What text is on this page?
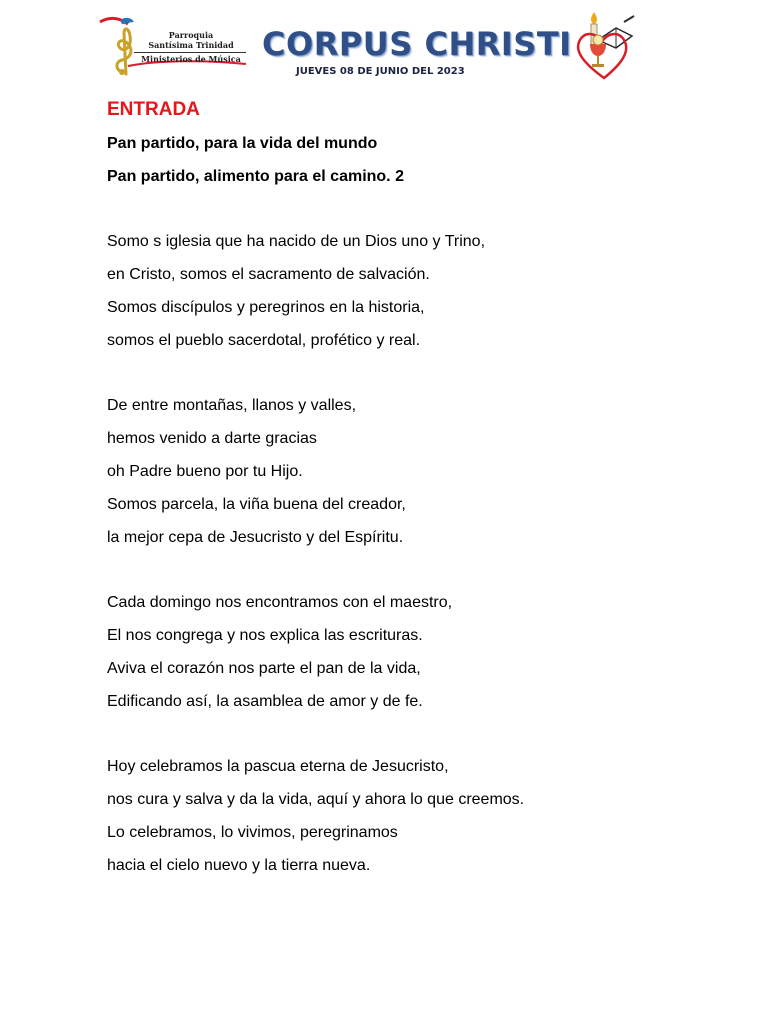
Parroquia
Santísima Trinidad
Ministerios de Música CORPUS CHRISTI
JUEVES 08 DE JUNIO DEL 2023
ENTRADA
Pan partido, para la vida del mundo
Pan partido, alimento para el camino. 2
Somo s iglesia que ha nacido de un Dios uno y Trino,
en Cristo, somos el sacramento de salvación.
Somos discípulos y peregrinos en la historia,
somos el pueblo sacerdotal, profético y real.
De entre montañas, llanos y valles,
hemos venido a darte gracias
oh Padre bueno por tu Hijo.
Somos parcela, la viña buena del creador,
la mejor cepa de Jesucristo y del Espíritu.
Cada domingo nos encontramos con el maestro,
El nos congrega y nos explica las escrituras.
Aviva el corazón nos parte el pan de la vida,
Edificando así, la asamblea de amor y de fe.
Hoy celebramos la pascua eterna de Jesucristo,
nos cura y salva y da la vida, aquí y ahora lo que creemos.
Lo celebramos, lo vivimos, peregrinamos
hacia el cielo nuevo y la tierra nueva.
